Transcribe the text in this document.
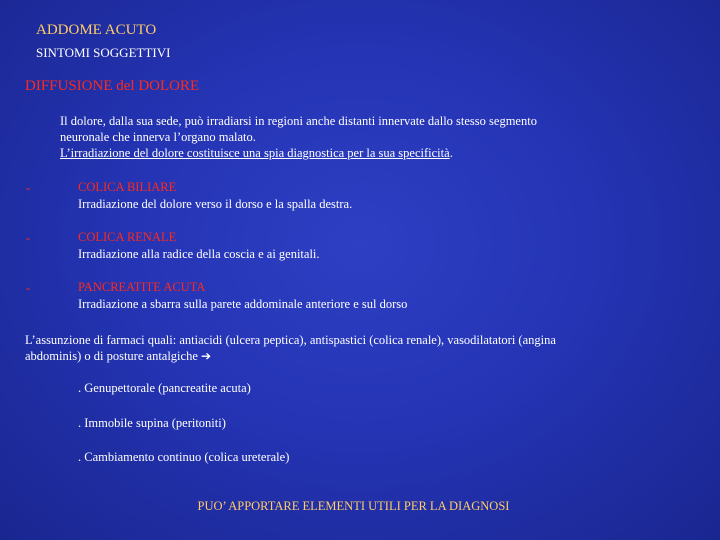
ADDOME ACUTO
SINTOMI SOGGETTIVI
DIFFUSIONE del DOLORE
Il dolore, dalla sua sede, può irradiarsi in regioni anche distanti innervate dallo stesso segmento
neuronale che innerva l’organo malato.
L’irradiazione del dolore costituisce una spia diagnostica per la sua specificità.
-	COLICA BILIARE
Irradiazione del dolore verso il dorso e la spalla destra.
-	COLICA RENALE
Irradiazione alla radice della coscia e ai genitali.
-	PANCREATITE ACUTA
Irradiazione a sbarra sulla parete addominale anteriore e sul dorso
L’assunzione di farmaci quali: antiacidi (ulcera peptica), antispastici (colica renale), vasodilatatori (angina
abdominis) o di posture antalgiche ➔
. Genupettorale (pancreatite acuta)
. Immobile supina (peritoniti)
. Cambiamento continuo (colica ureterale)
PUO’ APPORTARE ELEMENTI UTILI PER LA DIAGNOSI
